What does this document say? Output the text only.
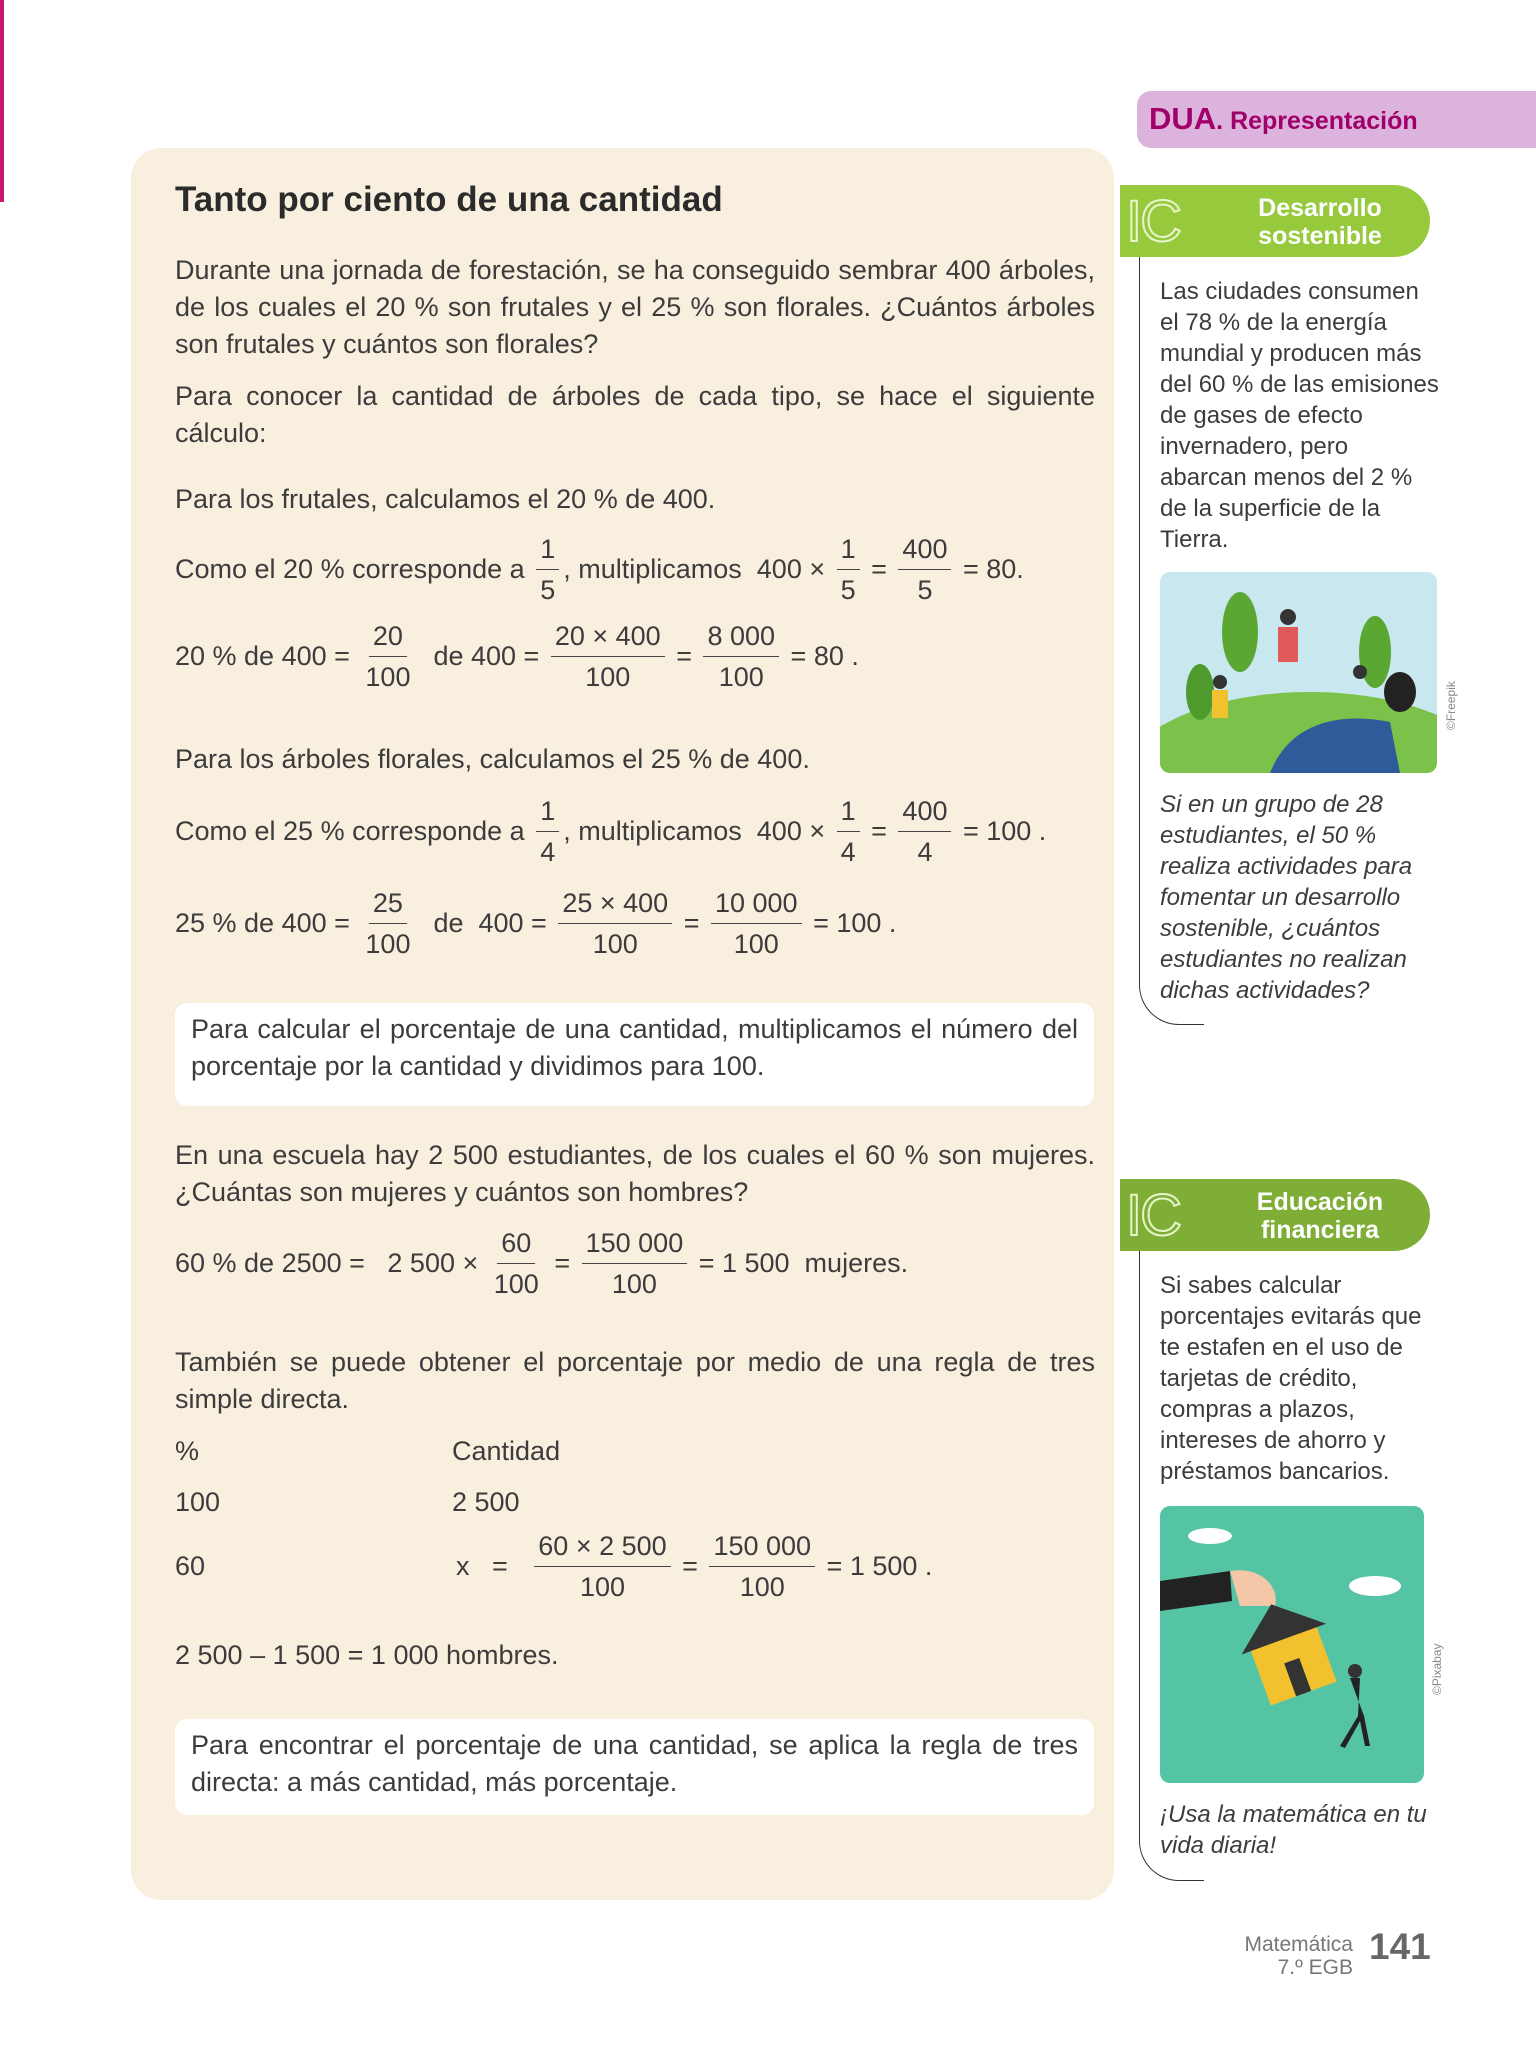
DUA. Representación
Tanto por ciento de una cantidad
Durante una jornada de forestación, se ha conseguido sembrar 400 árboles, de los cuales el 20 % son frutales y el 25 % son florales. ¿Cuántos árboles son frutales y cuántos son florales?
Para conocer la cantidad de árboles de cada tipo, se hace el siguiente cálculo:
Para los frutales, calculamos el 20 % de 400.
Como el 20 % corresponde a $\frac{1}{5}$ , multiplicamos  $400 \times \frac{1}{5} = \frac{400}{5} = 80$.
20 % de $400 = \frac{20}{100}$ de $400 = \frac{20 \times 400}{100} = \frac{8 000}{100} = 80$ .
Para los árboles florales, calculamos el 25 % de 400.
Como el 25 % corresponde a $\frac{1}{4}$ , multiplicamos  $400 \times \frac{1}{4} = \frac{400}{4} = 100$ .
25 % de $400 = \frac{25}{100}$ de  $400 = \frac{25 \times 400}{100} = \frac{10 000}{100} = 100$ .
Para calcular el porcentaje de una cantidad, multiplicamos el número del porcentaje por la cantidad y dividimos para 100.
En una escuela hay 2 500 estudiantes, de los cuales el 60 % son mujeres. ¿Cuántas son mujeres y cuántos son hombres?
60 % de 2500 =   2 $500 \times \frac{60}{100} = \frac{150 000}{100} = 1$ 500  mujeres.
También se puede obtener el porcentaje por medio de una regla de tres simple directa.
%	Cantidad
100	2 500
60	$x = \frac{60 \times 2 500}{100} = \frac{150 000}{100} = 1$ 500 .
2 500 – 1 500 = 1 000 hombres.
Para encontrar el porcentaje de una cantidad, se aplica la regla de tres directa: a más cantidad, más porcentaje.
IC	Desarrollo
sostenible
Las ciudades consumen el 78 % de la energía mundial y producen más del 60 % de las emisiones de gases de efecto invernadero, pero abarcan menos del 2 % de la superficie de la Tierra.
©Freepik
Si en un grupo de 28 estudiantes, el 50 % realiza actividades para fomentar un desarrollo sostenible, ¿cuántos estudiantes no realizan dichas actividades?
IC	Educación
financiera
Si sabes calcular porcentajes evitarás que te estafen en el uso de tarjetas de crédito, compras a plazos, intereses de ahorro y préstamos bancarios.
©Pixabay
¡Usa la matemática en tu vida diaria!
Matemática
7.º EGB
141
